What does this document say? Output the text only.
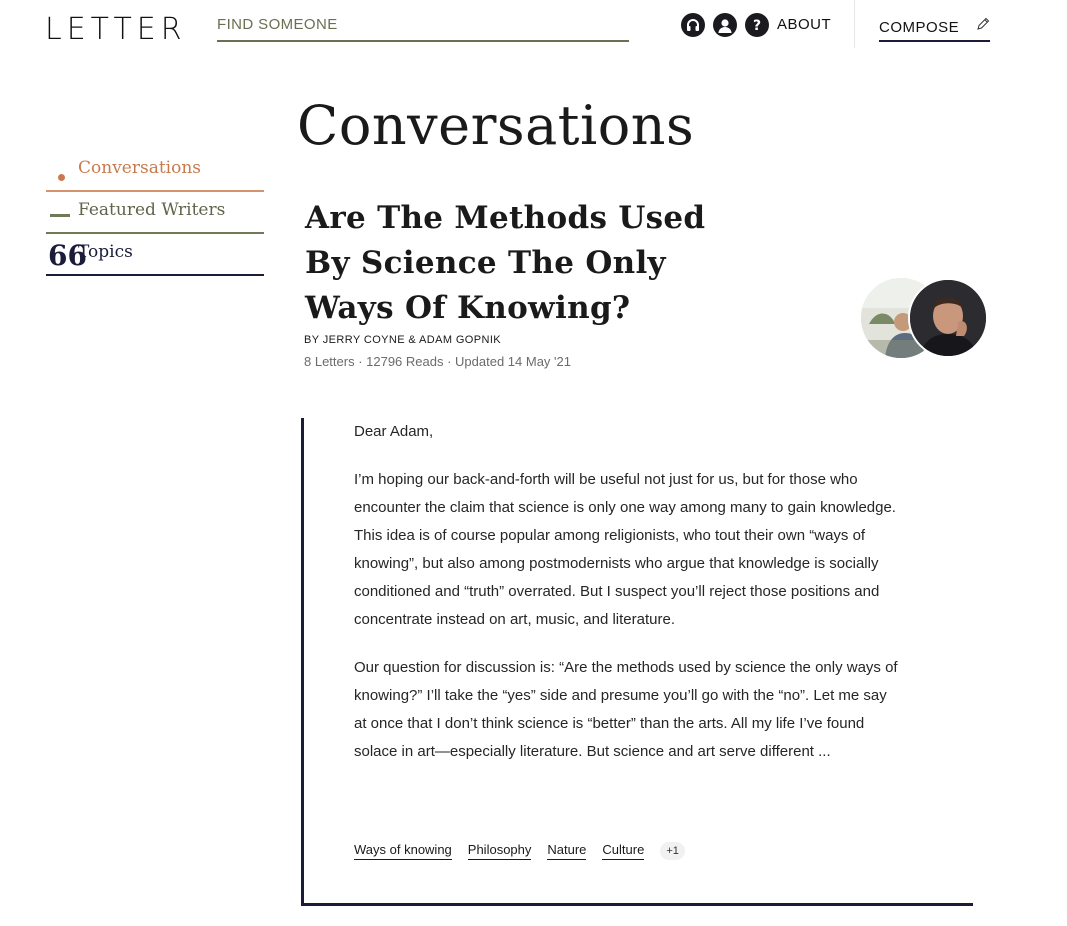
LETTER
FIND SOMEONE	? ABOUT	COMPOSE
Conversations
Featured Writers
66
Topics
Conversations
Are The Methods Used By Science The Only Ways Of Knowing?
BY JERRY COYNE & ADAM GOPNIK
8 Letters · 12796 Reads · Updated 14 May '21

Dear Adam,

I’m hoping our back-and-forth will be useful not just for us, but for those who encounter the claim that science is only one way among many to gain knowledge. This idea is of course popular among religionists, who tout their own “ways of knowing”, but also among postmodernists who argue that knowledge is socially conditioned and “truth” overrated. But I suspect you’ll reject those positions and concentrate instead on art, music, and literature.

Our question for discussion is: “Are the methods used by science the only ways of knowing?” I’ll take the “yes” side and presume you’ll go with the “no”. Let me say at once that I don’t think science is “better” than the arts. All my life I’ve found solace in art—especially literature. But science and art serve different ...

Ways of knowing Philosophy Nature Culture	+1
